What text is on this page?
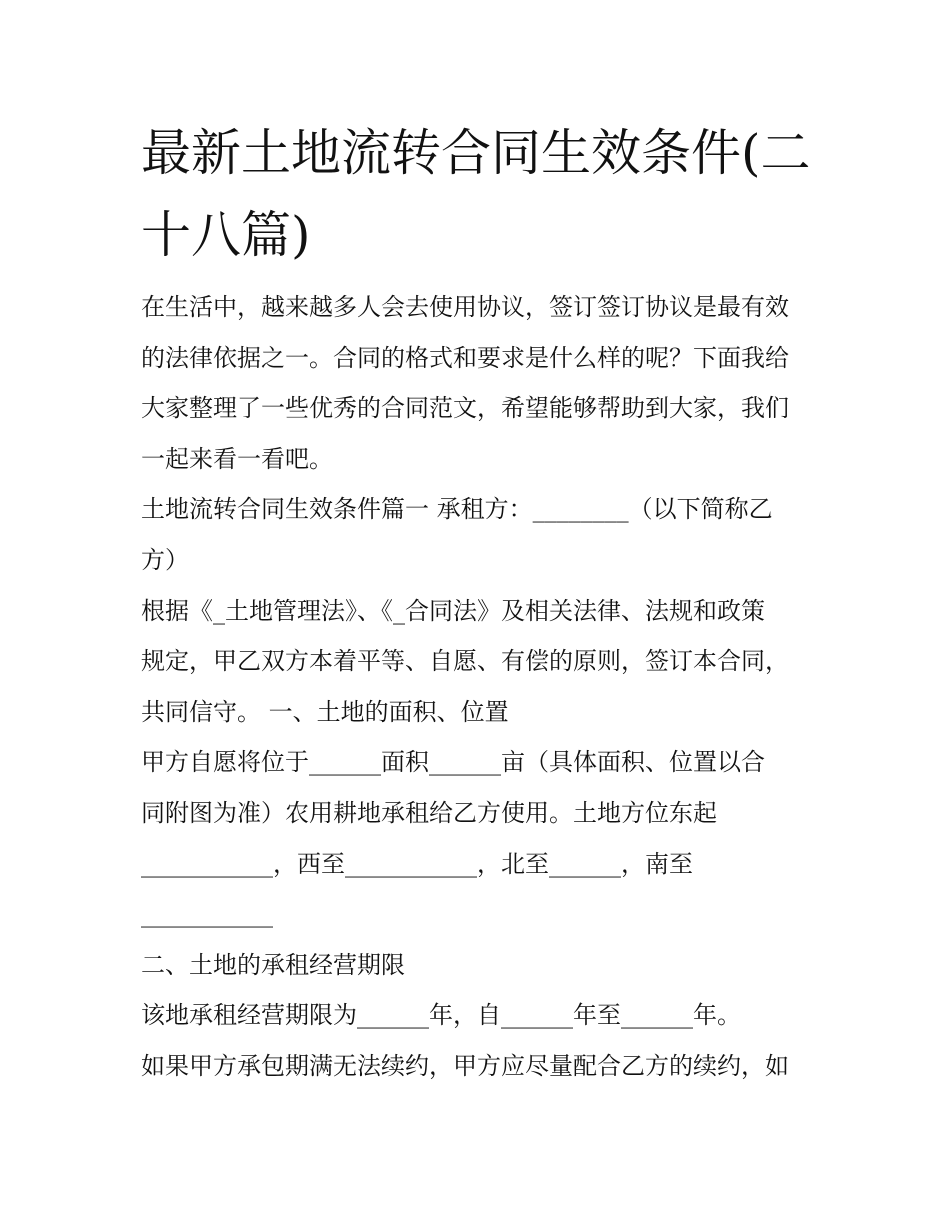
最新土地流转合同生效条件(二
十八篇)
在生活中，越来越多人会去使用协议，签订签订协议是最有效
的法律依据之一。合同的格式和要求是什么样的呢？下面我给
大家整理了一些优秀的合同范文，希望能够帮助到大家，我们
一起来看一看吧。
土地流转合同生效条件篇一 承租方：________（以下简称乙
方）
根据《_土地管理法》、《_合同法》及相关法律、法规和政策
规定，甲乙双方本着平等、自愿、有偿的原则，签订本合同，
共同信守。 一、土地的面积、位置
甲方自愿将位于______面积______亩（具体面积、位置以合
同附图为准）农用耕地承租给乙方使用。土地方位东起
___________，西至___________，北至______，南至
___________
二、土地的承租经营期限
该地承租经营期限为______年，自______年至______年。
如果甲方承包期满无法续约，甲方应尽量配合乙方的续约，如
